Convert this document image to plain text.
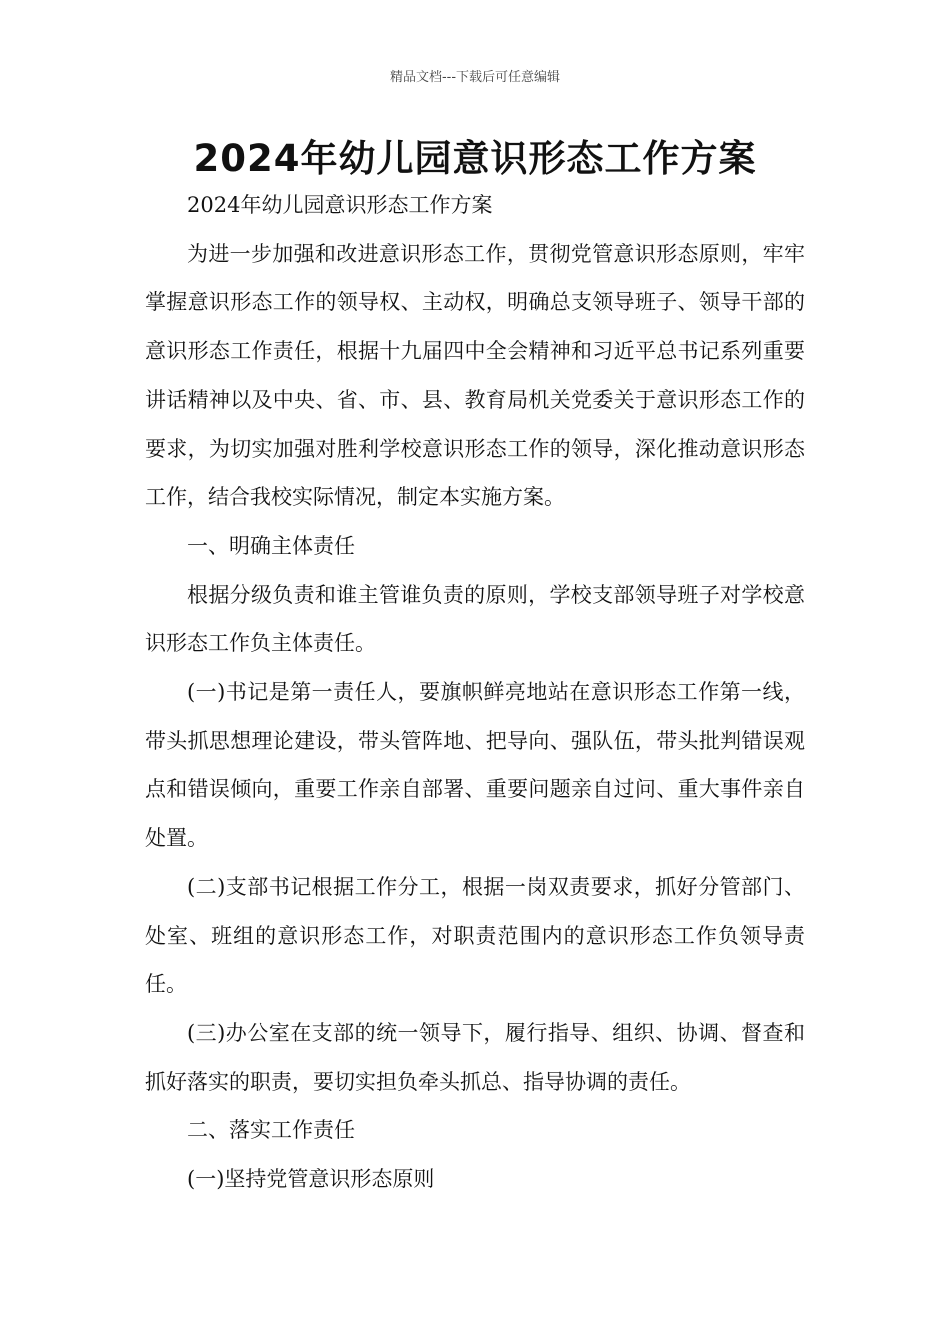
精品文档---下载后可任意编辑
2024年幼儿园意识形态工作方案

2024年幼儿园意识形态工作方案

为进一步加强和改进意识形态工作，贯彻党管意识形态原则，牢牢掌握意识形态工作的领导权、主动权，明确总支领导班子、领导干部的意识形态工作责任，根据十九届四中全会精神和习近平总书记系列重要讲话精神以及中央、省、市、县、教育局机关党委关于意识形态工作的要求，为切实加强对胜利学校意识形态工作的领导，深化推动意识形态工作，结合我校实际情况，制定本实施方案。

一、明确主体责任

根据分级负责和谁主管谁负责的原则，学校支部领导班子对学校意识形态工作负主体责任。

(一)书记是第一责任人，要旗帜鲜亮地站在意识形态工作第一线，带头抓思想理论建设，带头管阵地、把导向、强队伍，带头批判错误观点和错误倾向，重要工作亲自部署、重要问题亲自过问、重大事件亲自处置。

(二)支部书记根据工作分工，根据一岗双责要求，抓好分管部门、处室、班组的意识形态工作，对职责范围内的意识形态工作负领导责任。

(三)办公室在支部的统一领导下，履行指导、组织、协调、督查和抓好落实的职责，要切实担负牵头抓总、指导协调的责任。

二、落实工作责任

(一)坚持党管意识形态原则
